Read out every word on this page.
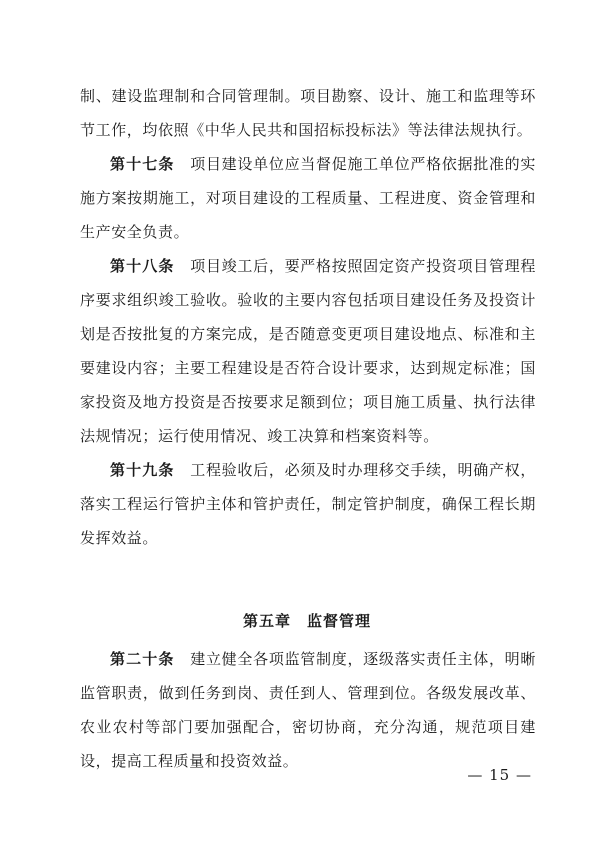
制、建设监理制和合同管理制。项目勘察、设计、施工和监理等环节工作，均依照《中华人民共和国招标投标法》等法律法规执行。

第十七条　 项目建设单位应当督促施工单位严格依据批准的实施方案按期施工，对项目建设的工程质量、工程进度、资金管理和生产安全负责。

第十八条　 项目竣工后，要严格按照固定资产投资项目管理程序要求组织竣工验收。验收的主要内容包括项目建设任务及投资计划是否按批复的方案完成，是否随意变更项目建设地点、标准和主要建设内容；主要工程建设是否符合设计要求，达到规定标准；国家投资及地方投资是否按要求足额到位；项目施工质量、执行法律法规情况；运行使用情况、竣工决算和档案资料等。

第十九条　 工程验收后，必须及时办理移交手续，明确产权，落实工程运行管护主体和管护责任，制定管护制度，确保工程长期发挥效益。

第五章　监督管理

第二十条　 建立健全各项监管制度，逐级落实责任主体，明晰监管职责，做到任务到岗、责任到人、管理到位。各级发展改革、农业农村等部门要加强配合，密切协商，充分沟通，规范项目建设，提高工程质量和投资效益。

— 15 —
